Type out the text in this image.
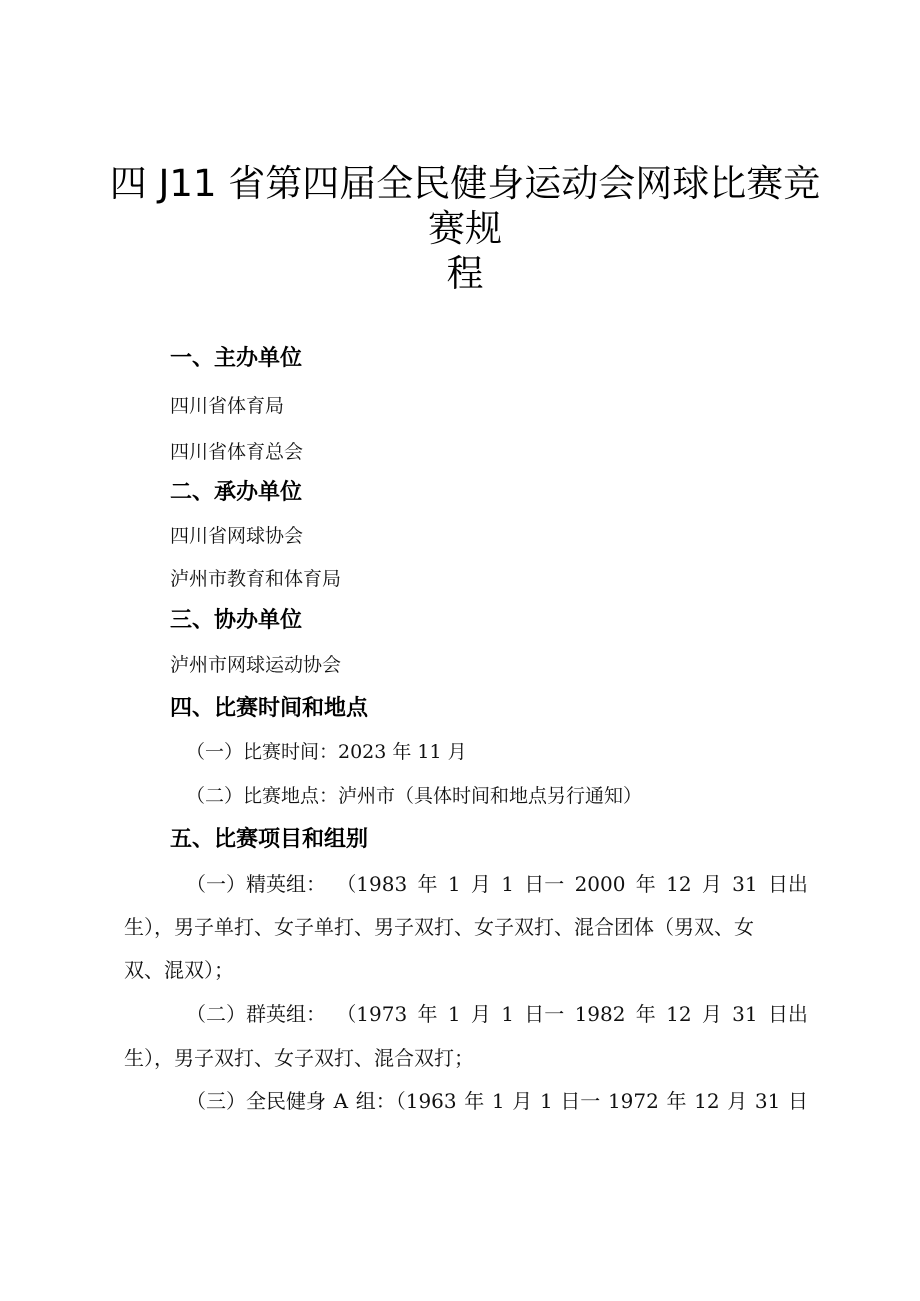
四 J11 省第四届全民健身运动会网球比赛竞
赛规
程
一、主办单位
四川省体育局
四川省体育总会
二、承办单位
四川省网球协会
泸州市教育和体育局
三、协办单位
泸州市网球运动协会
四、比赛时间和地点
（一）比赛时间：2023 年 11 月
（二）比赛地点：泸州市（具体时间和地点另行通知）
五、比赛项目和组别
（一）精英组： （1983 年 1 月 1 日一 2000 年 12 月 31 日出
生），男子单打、女子单打、男子双打、女子双打、混合团体（男双、女
双、混双）；
（二）群英组： （1973 年 1 月 1 日一 1982 年 12 月 31 日出
生），男子双打、女子双打、混合双打；
（三）全民健身 A 组：（1963 年 1 月 1 日一 1972 年 12 月 31 日
